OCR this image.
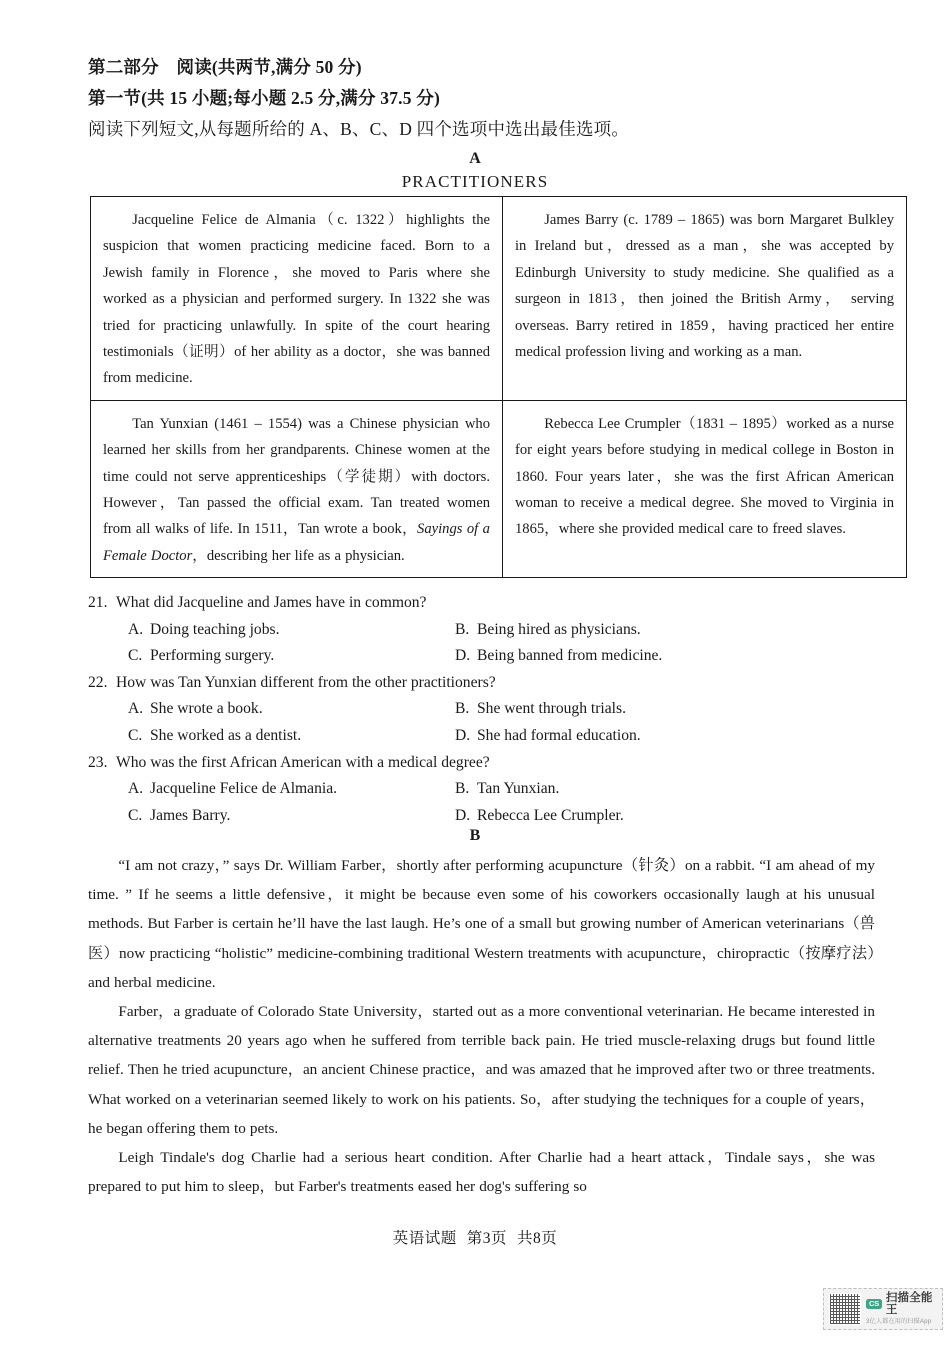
第二部分　阅读(共两节,满分 50 分)
第一节(共 15 小题;每小题 2.5 分,满分 37.5 分)
阅读下列短文,从每题所给的 A、B、C、D 四个选项中选出最佳选项。
A
PRACTITIONERS
Jacqueline Felice de Almania（c. 1322）highlights the suspicion that women practicing medicine faced. Born to a Jewish family in Florence，she moved to Paris where she worked as a physician and performed surgery. In 1322 she was tried for practicing unlawfully. In spite of the court hearing testimonials（证明）of her ability as a doctor，she was banned from medicine.

James Barry (c. 1789 – 1865) was born Margaret Bulkley in Ireland but，dressed as a man，she was accepted by Edinburgh University to study medicine. She qualified as a surgeon in 1813，then joined the British Army， serving overseas. Barry retired in 1859，having practiced her entire medical profession living and working as a man.

Tan Yunxian (1461 – 1554) was a Chinese physician who learned her skills from her grandparents. Chinese women at the time could not serve apprenticeships（学徒期）with doctors. However，Tan passed the official exam. Tan treated women from all walks of life. In 1511，Tan wrote a book，Sayings of a Female Doctor，describing her life as a physician.

Rebecca Lee Crumpler（1831 – 1895）worked as a nurse for eight years before studying in medical college in Boston in 1860. Four years later，she was the first African American woman to receive a medical degree. She moved to Virginia in 1865，where she provided medical care to freed slaves.
21. What did Jacqueline and James have in common?
A. Doing teaching jobs.	B. Being hired as physicians.
C. Performing surgery.	D. Being banned from medicine.
22. How was Tan Yunxian different from the other practitioners?
A. She wrote a book.	B. She went through trials.
C. She worked as a dentist.	D. She had formal education.
23. Who was the first African American with a medical degree?
A. Jacqueline Felice de Almania.	B. Tan Yunxian.
C. James Barry.	D. Rebecca Lee Crumpler.
B

“I am not crazy，” says Dr. William Farber，shortly after performing acupuncture（针灸）on a rabbit. “I am ahead of my time. ” If he seems a little defensive，it might be because even some of his coworkers occasionally laugh at his unusual methods. But Farber is certain he’ll have the last laugh. He’s one of a small but growing number of American veterinarians（兽医）now practicing “holistic” medicine-combining traditional Western treatments with acupuncture，chiropractic（按摩疗法）and herbal medicine.

Farber，a graduate of Colorado State University，started out as a more conventional veterinarian. He became interested in alternative treatments 20 years ago when he suffered from terrible back pain. He tried muscle-relaxing drugs but found little relief. Then he tried acupuncture，an ancient Chinese practice，and was amazed that he improved after two or three treatments. What worked on a veterinarian seemed likely to work on his patients. So，after studying the techniques for a couple of years，he began offering them to pets.

Leigh Tindale's dog Charlie had a serious heart condition. After Charlie had a heart attack，Tindale says，she was prepared to put him to sleep，but Farber's treatments eased her dog's suffering so

英语试题 第3页 共8页
CS 扫描全能王
3亿人都在用的扫描App
